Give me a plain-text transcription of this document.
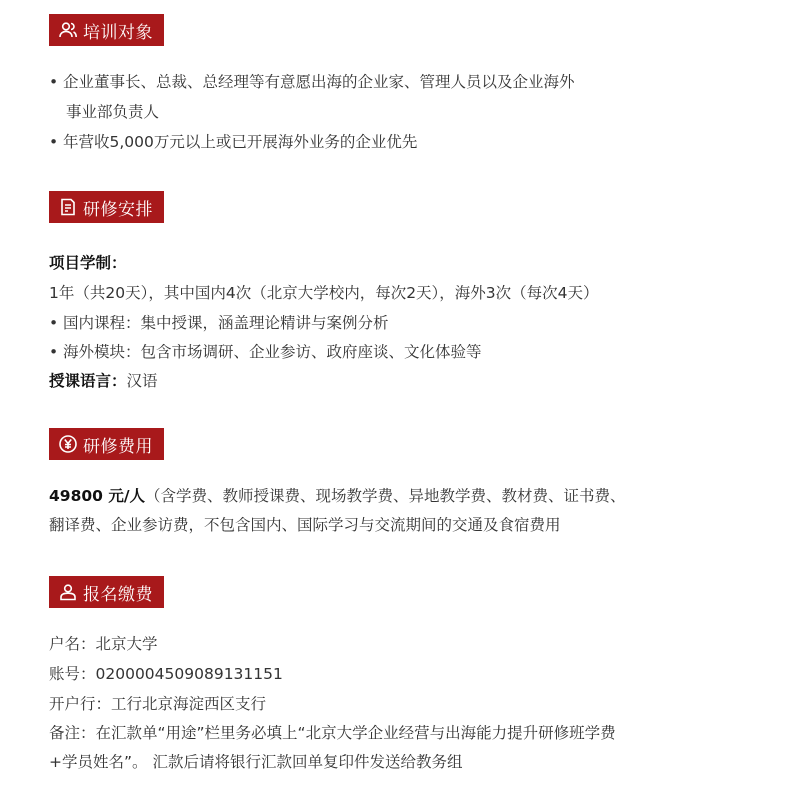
培训对象
• 企业董事长、总裁、总经理等有意愿出海的企业家、管理人员以及企业海外
事业部负责人
• 年营收5,000万元以上或已开展海外业务的企业优先
研修安排
项目学制：
1年（共20天），其中国内4次（北京大学校内，每次2天），海外3次（每次4天）
• 国内课程：集中授课，涵盖理论精讲与案例分析
• 海外模块：包含市场调研、企业参访、政府座谈、文化体验等
授课语言：汉语
研修费用
49800 元/人（含学费、教师授课费、现场教学费、异地教学费、教材费、证书费、
翻译费、企业参访费，不包含国内、国际学习与交流期间的交通及食宿费用
报名缴费
户名：北京大学
账号：0200004509089131151
开户行：工行北京海淀西区支行
备注：在汇款单“用途”栏里务必填上“北京大学企业经营与出海能力提升研修班学费
+学员姓名”。 汇款后请将银行汇款回单复印件发送给教务组
